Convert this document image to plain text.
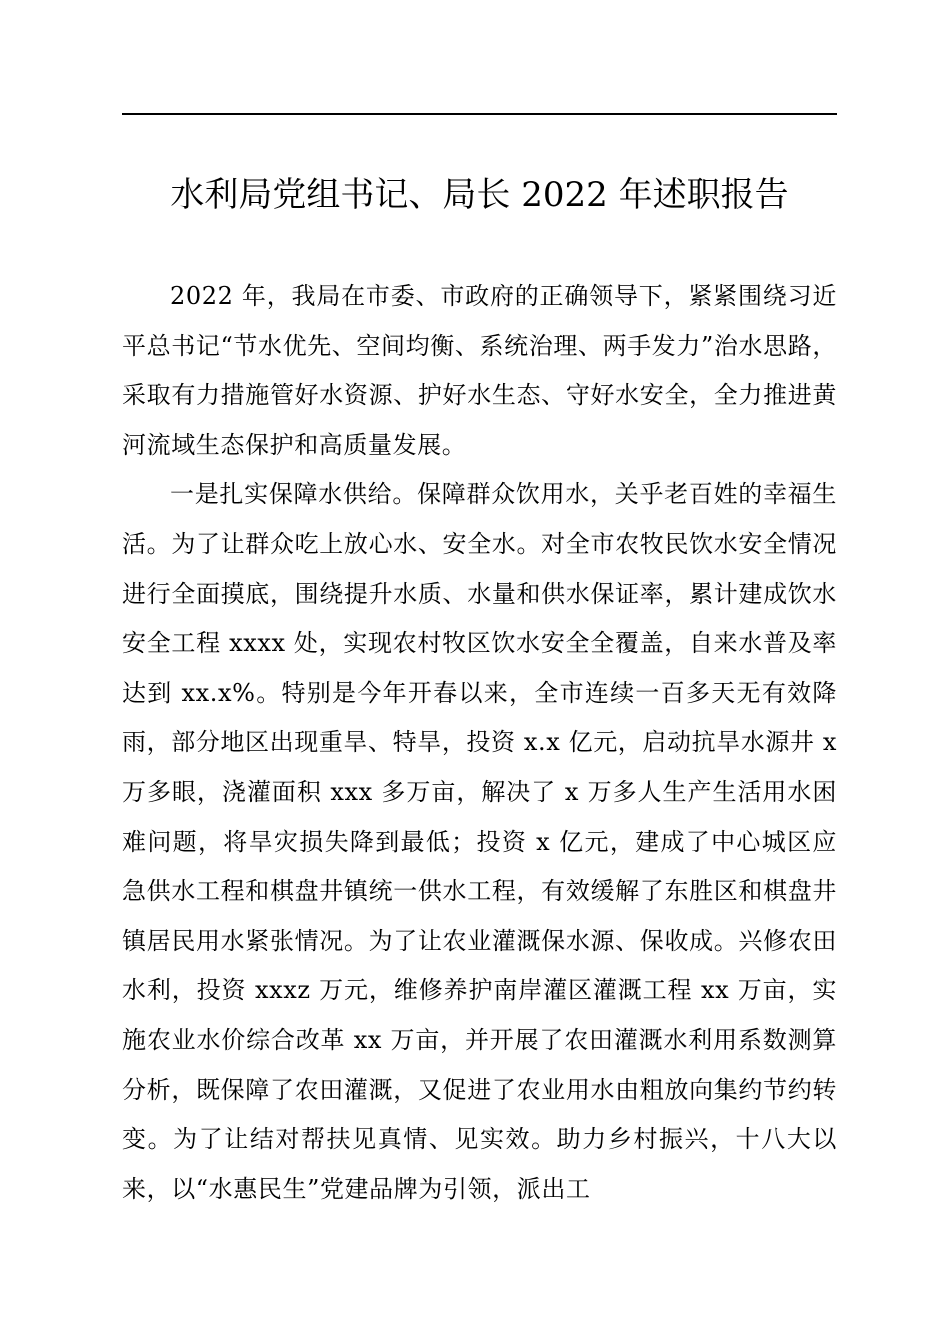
水利局党组书记、局长 2022 年述职报告

2022 年，我局在市委、市政府的正确领导下，紧紧围绕习近平总书记“节水优先、空间均衡、系统治理、两手发力”治水思路，采取有力措施管好水资源、护好水生态、守好水安全，全力推进黄河流域生态保护和高质量发展。

一是扎实保障水供给。保障群众饮用水，关乎老百姓的幸福生活。为了让群众吃上放心水、安全水。对全市农牧民饮水安全情况进行全面摸底，围绕提升水质、水量和供水保证率，累计建成饮水安全工程 xxxx 处，实现农村牧区饮水安全全覆盖，自来水普及率达到 xx.x%。特别是今年开春以来，全市连续一百多天无有效降雨，部分地区出现重旱、特旱，投资 x.x 亿元，启动抗旱水源井 x 万多眼，浇灌面积 xxx 多万亩，解决了 x 万多人生产生活用水困难问题，将旱灾损失降到最低；投资 x 亿元，建成了中心城区应急供水工程和棋盘井镇统一供水工程，有效缓解了东胜区和棋盘井镇居民用水紧张情况。为了让农业灌溉保水源、保收成。兴修农田水利，投资 xxxz 万元，维修养护南岸灌区灌溉工程 xx 万亩，实施农业水价综合改革 xx 万亩，并开展了农田灌溉水利用系数测算分析，既保障了农田灌溉，又促进了农业用水由粗放向集约节约转变。为了让结对帮扶见真情、见实效。助力乡村振兴，十八大以来，以“水惠民生”党建品牌为引领，派出工
